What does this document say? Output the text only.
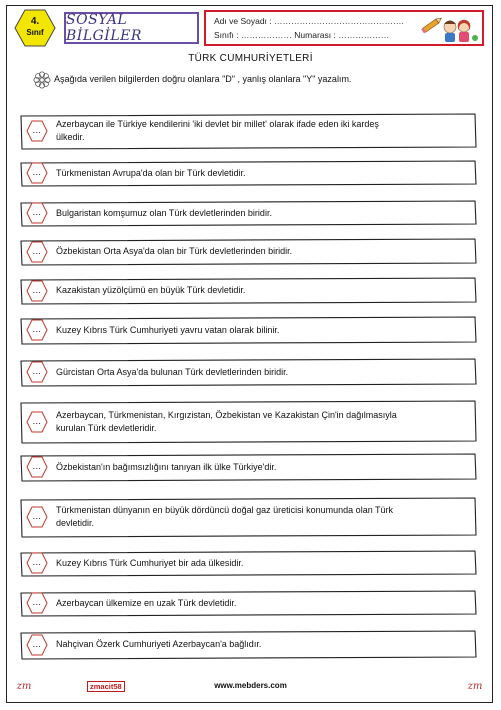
4.
Sınıf
SOSYAL BİLGİLER
Adı ve Soyadı : ……………………………………….
Sınıfı : ……………… Numarası : ………………
TÜRK CUMHURİYETLERİ
Aşağıda verilen bilgilerden doğru olanlara "D" , yanlış olanlara "Y" yazalım.
…
Azerbaycan ile Türkiye kendilerini 'iki devlet bir millet' olarak ifade eden iki kardeş
ülkedir.
…	Türkmenistan Avrupa'da olan bir Türk devletidir.
…	Bulgaristan komşumuz olan Türk devletlerinden biridir.
…	Özbekistan Orta Asya'da olan bir Türk devletlerinden biridir.
…	Kazakistan yüzölçümü en büyük Türk devletidir.
…	Kuzey Kıbrıs Türk Cumhuriyeti yavru vatan olarak bilinir.
…	Gürcistan Orta Asya'da bulunan Türk devletlerinden biridir.
…
Azerbaycan, Türkmenistan, Kırgızistan, Özbekistan ve Kazakistan Çin'in dağılmasıyla
kurulan Türk devletleridir.
…	Özbekistan'ın bağımsızlığını tanıyan ilk ülke Türkiye'dir.
…
Türkmenistan dünyanın en büyük dördüncü doğal gaz üreticisi konumunda olan Türk
devletidir.
…	Kuzey Kıbrıs Türk Cumhuriyet bir ada ülkesidir.
…	Azerbaycan ülkemize en uzak Türk devletidir.
…	Nahçivan Özerk Cumhuriyeti Azerbaycan'a bağlıdır.
zm	zmacit58	www.mebders.com	zm
